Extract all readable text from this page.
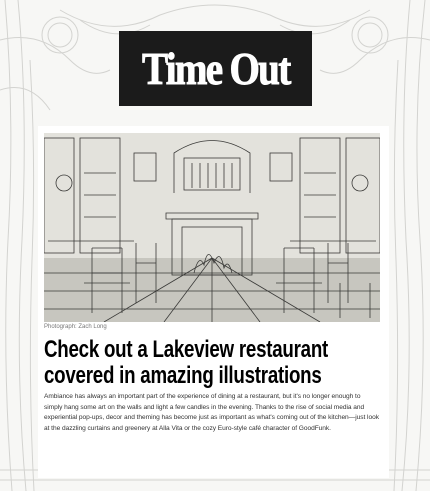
Time Out
Photograph: Zach Long
Check out a Lakeview restaurant covered in amazing illustrations

Ambiance has always an important part of the experience of dining at a restaurant, but it's no longer enough to simply hang some art on the walls and light a few candles in the evening. Thanks to the rise of social media and experiential pop-ups, decor and theming has become just as important as what's coming out of the kitchen—just look at the dazzling curtains and greenery at Alla Vita or the cozy Euro-style café character of GoodFunk.
